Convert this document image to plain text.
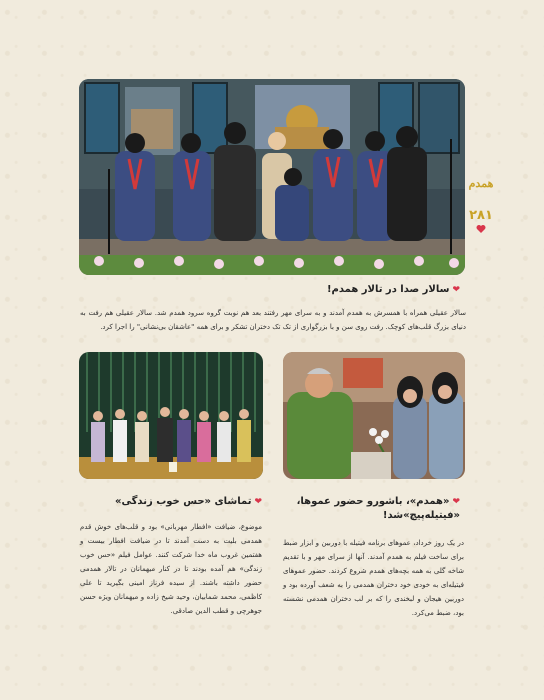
همدم
۲۸۱
❤سالار صدا در تالار همدم!
سالار عقیلی همراه با همسرش به همدم آمدند و به سرای مهر رفتند بعد هم نوبت گروه سرود همدم شد. سالار عقیلی هم رفت به دنیای بزرگ قلب‌های کوچک. رفت روی سن و با بزرگواری از تک تک دختران تشکر و برای همه "عاشقان بی‌نشانی" را اجرا کرد.
❤«همدم»، باشورو حضور عموها،
«فیتیله‌پیچ»شد!
در یک روز خرداد، عموهای برنامه فیتیله با دوربین و ابزار ضبط برای ساخت فیلم به همدم آمدند. آنها از سرای مهر و با تقدیم شاخه گلی به همه بچه‌های همدم شروع کردند. حضور عموهای فیتیله‌ای به خودی خود دختران همدمی را به شعف آورده بود و دوربین هیجان و لبخندی را که بر لب دختران همدمی نشسته بود، ضبط می‌کرد.
❤تماشای «حس خوب زندگی»
موضوع، ضیافت «افطار مهربانی» بود و قلب‌های خوش قدم همدمی بلیت به دست آمدند تا در ضیافت افطار بیست و هفتمین غروب ماه خدا شرکت کنند. عوامل فیلم «حس خوب زندگی» هم آمده بودند تا در کنار میهمانان در تالار همدمی حضور داشته باشند. از سیده فرناز امینی بگیرید تا علی کاظمی، محمد شمابیان، وحید شیخ زاده و میهمانان ویژه حسن جوهرچی و قطب الدین صادقی.
